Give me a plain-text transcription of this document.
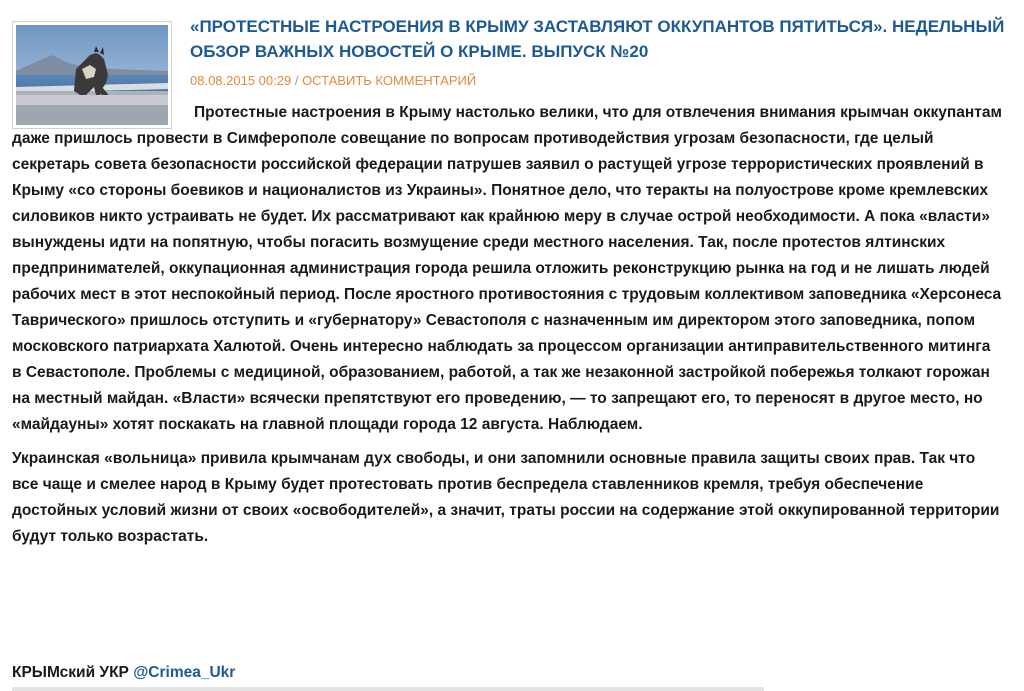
«ПРОТЕСТНЫЕ НАСТРОЕНИЯ В КРЫМУ ЗАСТАВЛЯЮТ ОККУПАНТОВ ПЯТИТЬСЯ». НЕДЕЛЬНЫЙ ОБЗОР ВАЖНЫХ НОВОСТЕЙ О КРЫМЕ. ВЫПУСК №20
08.08.2015 00:29 / ОСТАВИТЬ КОММЕНТАРИЙ

Протестные настроения в Крыму настолько велики, что для отвлечения внимания крымчан оккупантам даже пришлось провести в Симферополе совещание по вопросам противодействия угрозам безопасности, где целый секретарь совета безопасности российской федерации патрушев заявил о растущей угрозе террористических проявлений в Крыму «со стороны боевиков и националистов из Украины». Понятное дело, что теракты на полуострове кроме кремлевских силовиков никто устраивать не будет. Их рассматривают как крайнюю меру в случае острой необходимости. А пока «власти» вынуждены идти на попятную, чтобы погасить возмущение среди местного населения. Так, после протестов ялтинских предпринимателей, оккупационная администрация города решила отложить реконструкцию рынка на год и не лишать людей рабочих мест в этот неспокойный период. После яростного противостояния с трудовым коллективом заповедника «Херсонеса Таврического» пришлось отступить и «губернатору» Севастополя с назначенным им директором этого заповедника, попом московского патриархата Халютой. Очень интересно наблюдать за процессом организации антиправительственного митинга в Севастополе. Проблемы с медициной, образованием, работой, а так же незаконной застройкой побережья толкают горожан на местный майдан. «Власти» всячески препятствуют его проведению, — то запрещают его, то переносят в другое место, но «майдауны» хотят поскакать на главной площади города 12 августа. Наблюдаем.

Украинская «вольница» привила крымчанам дух свободы, и они запомнили основные правила защиты своих прав. Так что все чаще и смелее народ в Крыму будет протестовать против беспредела ставленников кремля, требуя обеспечение достойных условий жизни от своих «освободителей», а значит, траты россии на содержание этой оккупированной территории будут только возрастать.

КРЫМский УКР @Crimea_Ukr
